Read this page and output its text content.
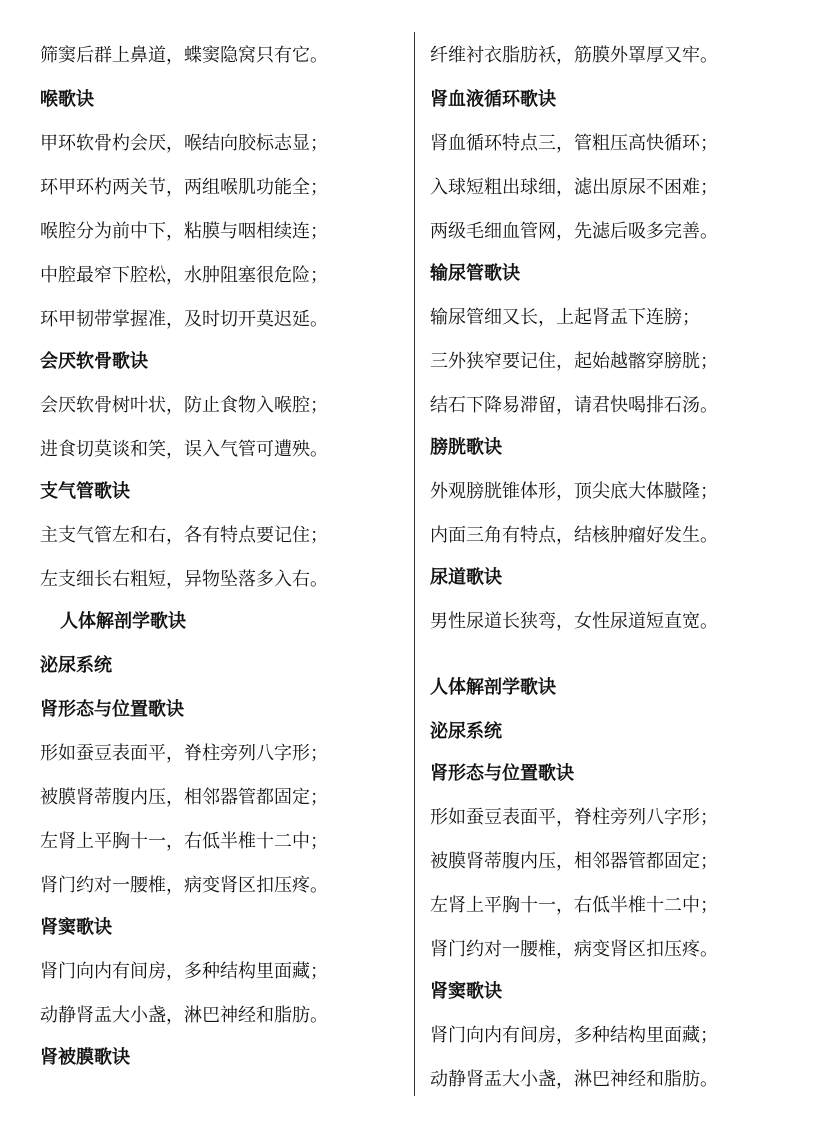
筛窦后群上鼻道，蝶窦隐窝只有它。
喉歌诀
甲环软骨杓会厌，喉结向胶标志显；
环甲环杓两关节，两组喉肌功能全；
喉腔分为前中下，粘膜与咽相续连；
中腔最窄下腔松，水肿阻塞很危险；
环甲韧带掌握准，及时切开莫迟延。
会厌软骨歌诀
会厌软骨树叶状，防止食物入喉腔；
进食切莫谈和笑，误入气管可遭殃。
支气管歌诀
主支气管左和右，各有特点要记住；
左支细长右粗短，异物坠落多入右。
人体解剖学歌诀
泌尿系统
肾形态与位置歌诀
形如蚕豆表面平，脊柱旁列八字形；
被膜肾蒂腹内压，相邻器管都固定；
左肾上平胸十一，右低半椎十二中；
肾门约对一腰椎，病变肾区扣压疼。
肾窦歌诀
肾门向内有间房，多种结构里面藏；
动静肾盂大小盏，淋巴神经和脂肪。
肾被膜歌诀
纤维衬衣脂肪袄，筋膜外罩厚又牢。
肾血液循环歌诀
肾血循环特点三，管粗压高快循环；
入球短粗出球细，滤出原尿不困难；
两级毛细血管网，先滤后吸多完善。
输尿管歌诀
输尿管细又长，上起肾盂下连膀；
三外狭窄要记住，起始越髂穿膀胱；
结石下降易滞留，请君快喝排石汤。
膀胱歌诀
外观膀胱锥体形，顶尖底大体臌隆；
内面三角有特点，结核肿瘤好发生。
尿道歌诀
男性尿道长狭弯，女性尿道短直宽。
人体解剖学歌诀
泌尿系统
肾形态与位置歌诀
形如蚕豆表面平，脊柱旁列八字形；
被膜肾蒂腹内压，相邻器管都固定；
左肾上平胸十一，右低半椎十二中；
肾门约对一腰椎，病变肾区扣压疼。
肾窦歌诀
肾门向内有间房，多种结构里面藏；
动静肾盂大小盏，淋巴神经和脂肪。
